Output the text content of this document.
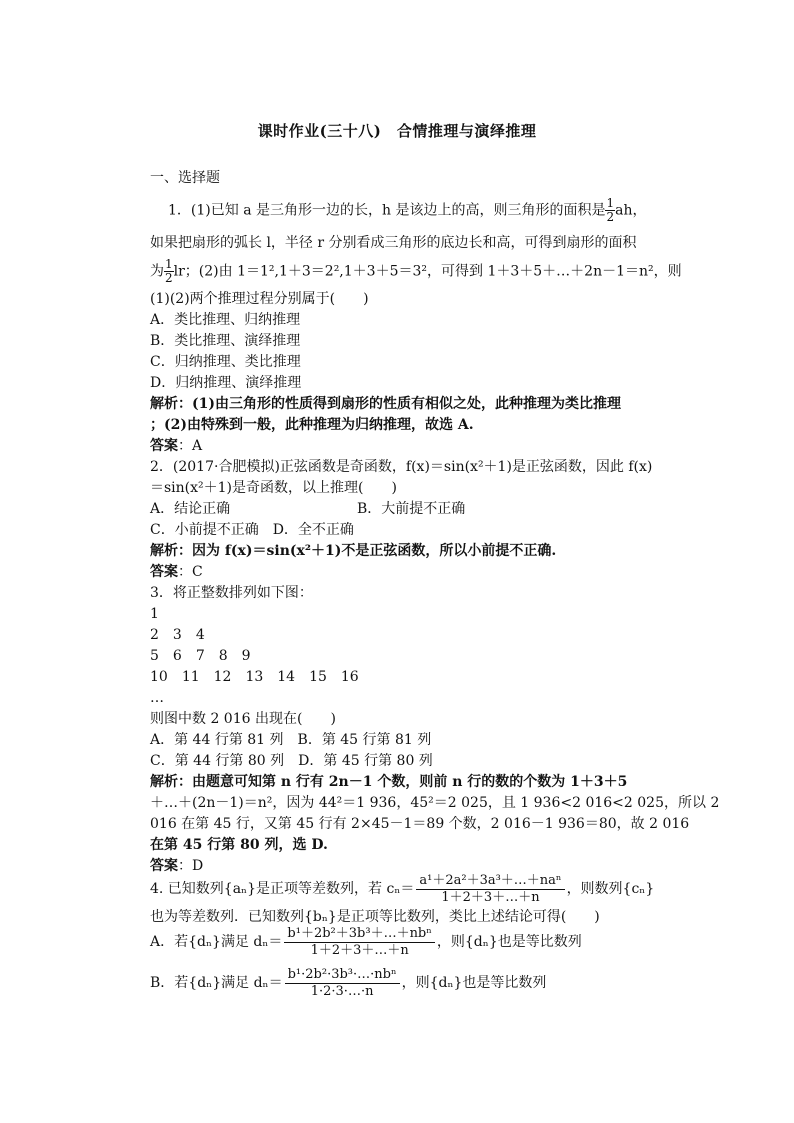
课时作业(三十八)　合情推理与演绎推理
一、选择题
1．(1)已知 a 是三角形一边的长，h 是该边上的高，则三角形的面积是 $\frac{1}{2}$ ah，
如果把扇形的弧长 l，半径 r 分别看成三角形的底边长和高，可得到扇形的面积
为 $\frac{1}{2}$ lr；(2)由 1＝1²,1＋3＝2²,1＋3＋5＝3²，可得到 1＋3＋5＋…＋2n－1＝n²，则
(1)(2)两个推理过程分别属于(　　)
A．类比推理、归纳推理
B．类比推理、演绎推理
C．归纳推理、类比推理
D．归纳推理、演绎推理
解析：(1)由三角形的性质得到扇形的性质有相似之处，此种推理为类比推理
；(2)由特殊到一般，此种推理为归纳推理，故选 A.
答案：A
2．(2017·合肥模拟)正弦函数是奇函数，f(x)＝sin(x²＋1)是正弦函数，因此 f(x)
＝sin(x²＋1)是奇函数，以上推理(　　)
A．结论正确	B．大前提不正确
C．小前提不正确　D．全不正确
解析：因为 f(x)＝sin(x²＋1)不是正弦函数，所以小前提不正确.
答案：C
3．将正整数排列如下图：
1
2　3　4
5　6　7　8　9
10　11　12　13　14　15　16
…
则图中数 2 016 出现在(　　)
A．第 44 行第 81 列　B．第 45 行第 81 列
C．第 44 行第 80 列　D．第 45 行第 80 列
解析：由题意可知第 n 行有 2n－1 个数，则前 n 行的数的个数为 1＋3＋5
＋…＋(2n－1)＝n²，因为 44²＝1 936，45²＝2 025，且 1 936<2 016<2 025，所以 2
016 在第 45 行，又第 45 行有 2×45－1＝89 个数，2 016－1 936＝80，故 2 016
在第 45 行第 80 列，选 D.
答案：D
4. 已知数列{aₙ}是正项等差数列，若 $c_n= \frac{\text{a¹＋2a²＋3a³＋…＋naⁿ}}{1+2+3+\dots+n}$ ，则数列{cₙ}
也为等差数列．已知数列{bₙ}是正项等比数列，类比上述结论可得(　　)
A．若{dₙ}满足 $d_n= \frac{\text{b¹＋2b²＋3b³＋…＋nbⁿ}}{1+2+3+\dots+n}$ ，则{dₙ}也是等比数列
B．若{dₙ}满足 $d_n= \frac{\text{b¹·2b²·3b³·…·nbⁿ}}{1\cdot 2\cdot 3\cdot\dots\cdot n}$ ，则{dₙ}也是等比数列
